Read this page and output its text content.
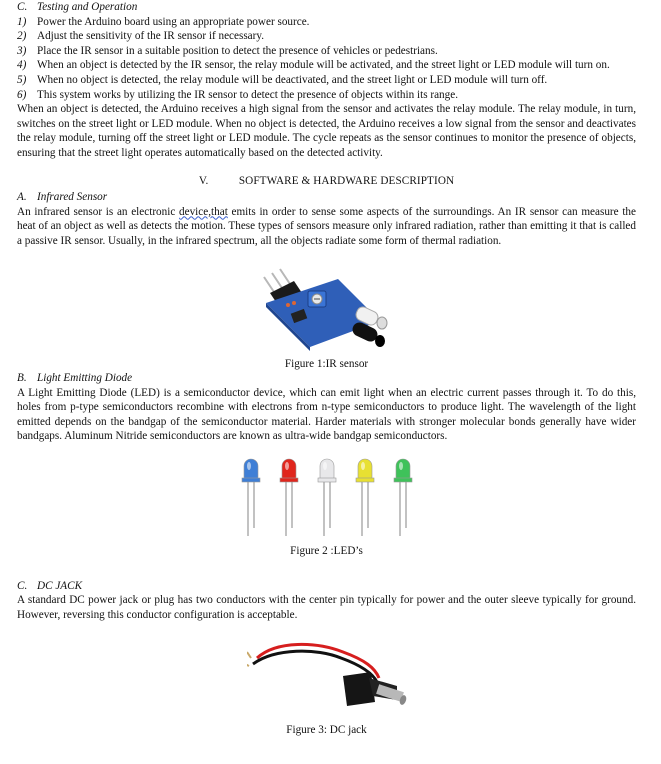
C. Testing and Operation
1) Power the Arduino board using an appropriate power source.
2) Adjust the sensitivity of the IR sensor if necessary.
3) Place the IR sensor in a suitable position to detect the presence of vehicles or pedestrians.
4) When an object is detected by the IR sensor, the relay module will be activated, and the street light or LED module will turn on.
5) When no object is detected, the relay module will be deactivated, and the street light or LED module will turn off.
6) This system works by utilizing the IR sensor to detect the presence of objects within its range.

When an object is detected, the Arduino receives a high signal from the sensor and activates the relay module. The relay module, in turn, switches on the street light or LED module. When no object is detected, the Arduino receives a low signal from the sensor and deactivates the relay module, turning off the street light or LED module. The cycle repeats as the sensor continues to monitor the presence of objects, ensuring that the street light operates automatically based on the detected activity.

V.	SOFTWARE & HARDWARE DESCRIPTION
A. Infrared Sensor

An infrared sensor is an electronic device,that emits in order to sense some aspects of the surroundings. An IR sensor can measure the heat of an object as well as detects the motion. These types of sensors measure only infrared radiation, rather than emitting it that is called a passive IR sensor. Usually, in the infrared spectrum, all the objects radiate some form of thermal radiation.

Figure 1:IR sensor
B. Light Emitting Diode

A Light Emitting Diode (LED) is a semiconductor device, which can emit light when an electric current passes through it. To do this, holes from p-type semiconductors recombine with electrons from n-type semiconductors to produce light. The wavelength of the light emitted depends on the bandgap of the semiconductor material. Harder materials with stronger molecular bonds generally have wider bandgaps. Aluminum Nitride semiconductors are known as ultra-wide bandgap semiconductors.

Figure 2 :LED’s
C. DC JACK

A standard DC power jack or plug has two conductors with the center pin typically for power and the outer sleeve typically for ground. However, reversing this conductor configuration is acceptable.

Figure 3: DC jack
